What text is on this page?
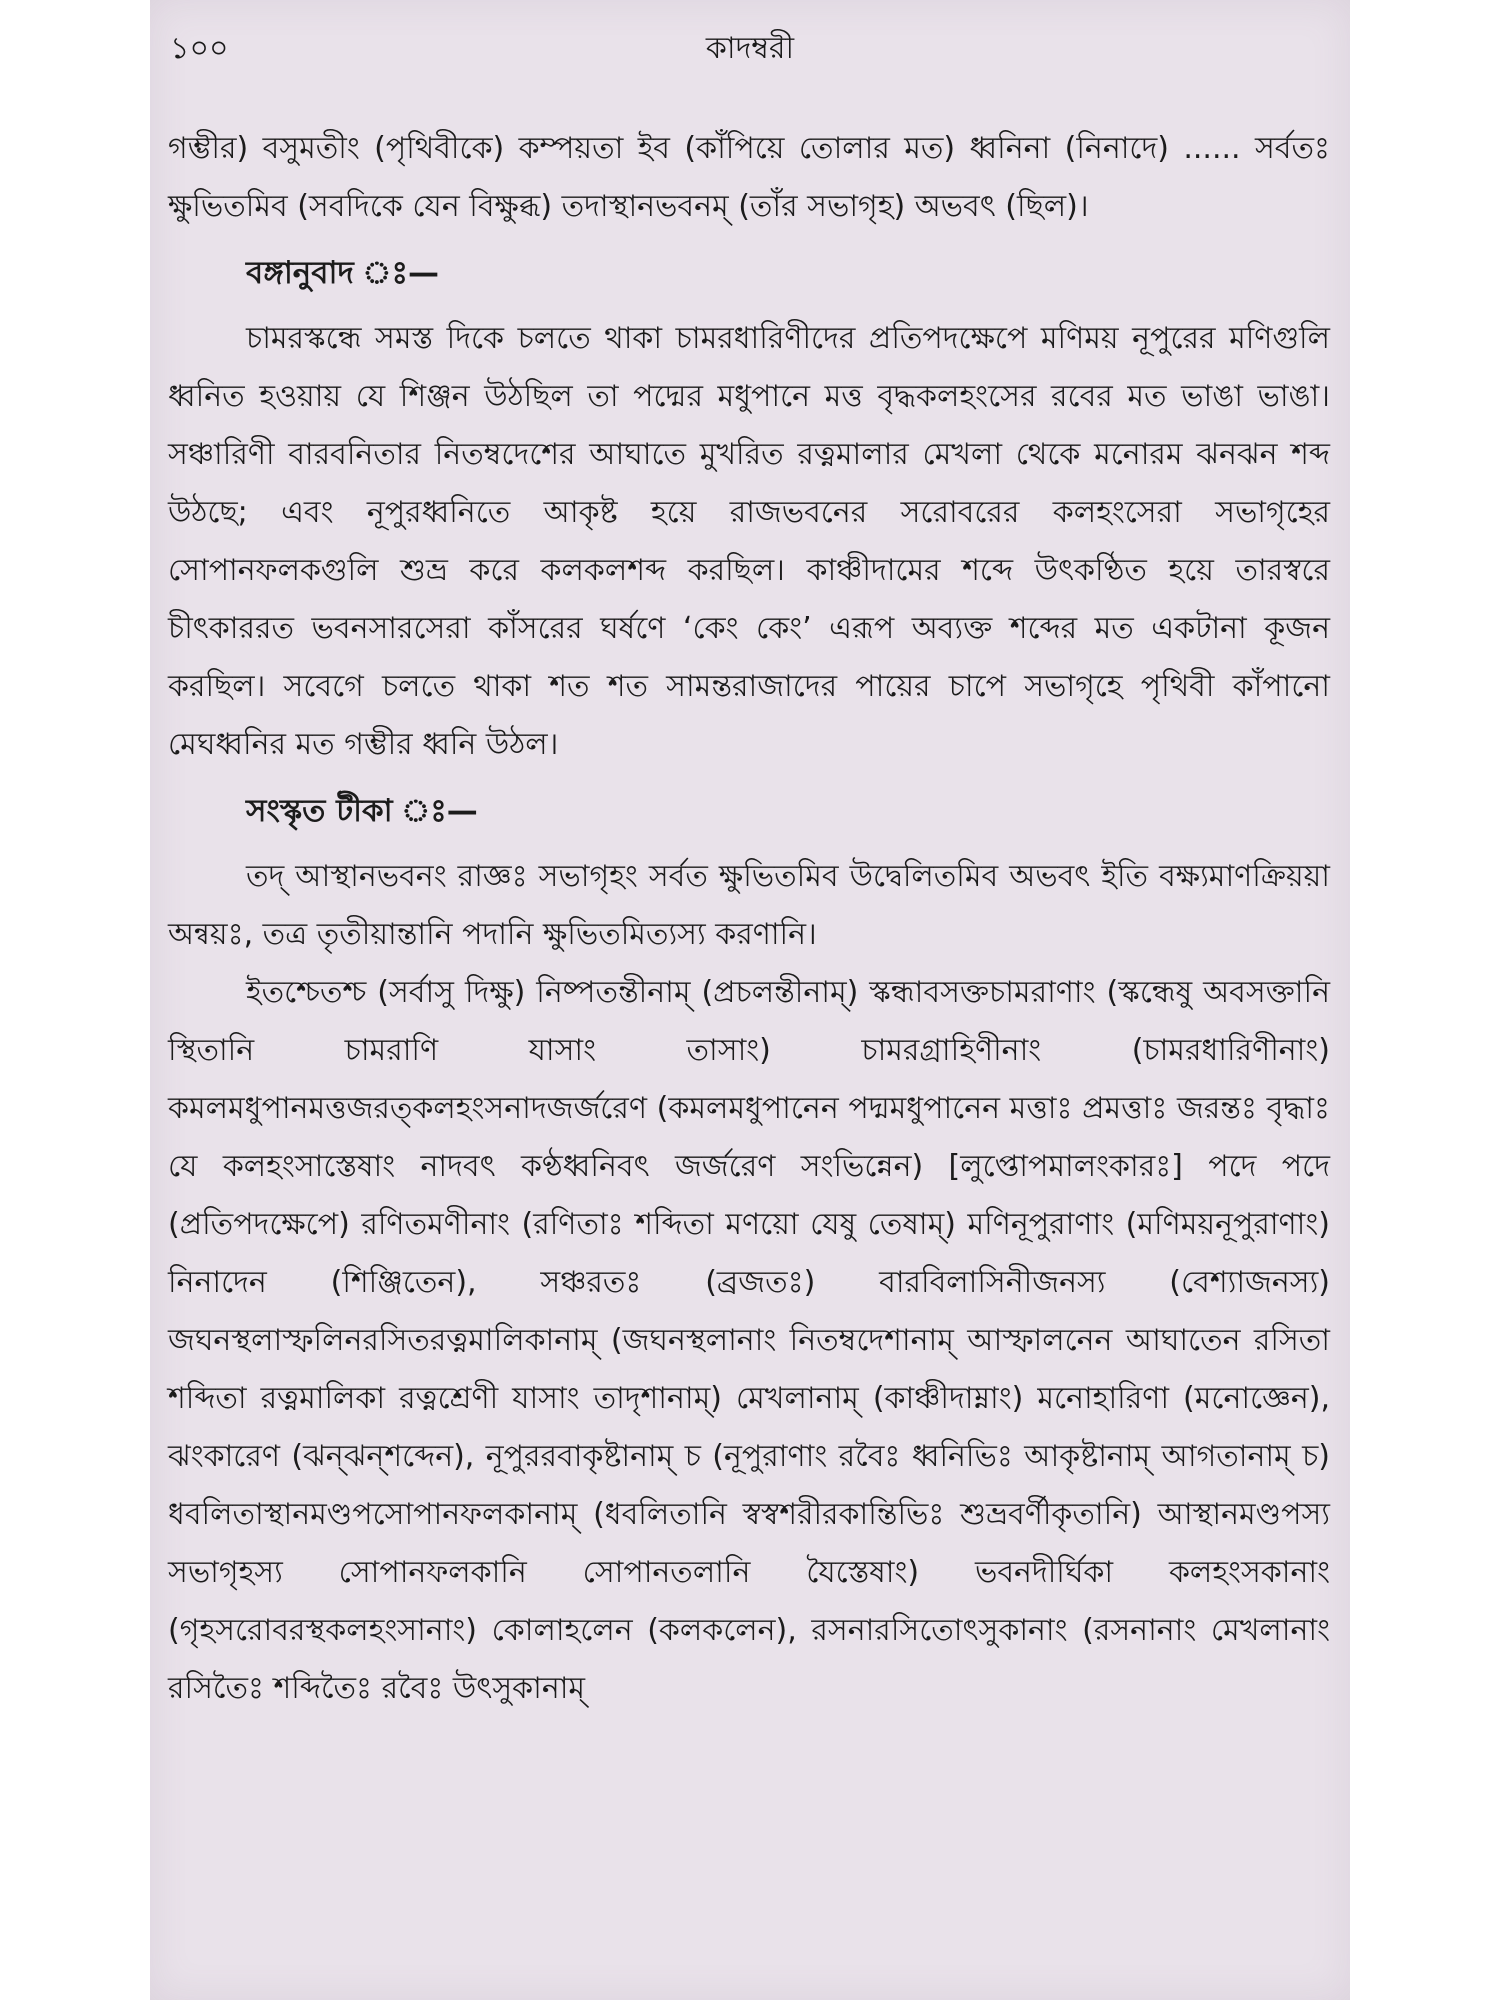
১০০	কাদম্বরী

গম্ভীর) বসুমতীং (পৃথিবীকে) কম্পয়তা ইব (কাঁপিয়ে তোলার মত) ধ্বনিনা (নিনাদে) ...... সর্বতঃ ক্ষুভিতমিব (সবদিকে যেন বিক্ষুব্ধ) তদাস্থানভবনম্ (তাঁর সভাগৃহ) অভবৎ (ছিল)।

বঙ্গানুবাদ ঃ—

চামরস্কন্ধে সমস্ত দিকে চলতে থাকা চামরধারিণীদের প্রতিপদক্ষেপে মণিময় নূপুরের মণিগুলি ধ্বনিত হওয়ায় যে শিঞ্জন উঠছিল তা পদ্মের মধুপানে মত্ত বৃদ্ধকলহংসের রবের মত ভাঙা ভাঙা। সঞ্চারিণী বারবনিতার নিতম্বদেশের আঘাতে মুখরিত রত্নমালার মেখলা থেকে মনোরম ঝনঝন শব্দ উঠছে; এবং নূপুরধ্বনিতে আকৃষ্ট হয়ে রাজভবনের সরোবরের কলহংসেরা সভাগৃহের সোপানফলকগুলি শুভ্র করে কলকলশব্দ করছিল। কাঞ্চীদামের শব্দে উৎকণ্ঠিত হয়ে তারস্বরে চীৎকাররত ভবনসারসেরা কাঁসরের ঘর্ষণে ‘কেং কেং’ এরূপ অব্যক্ত শব্দের মত একটানা কূজন করছিল। সবেগে চলতে থাকা শত শত সামন্তরাজাদের পায়ের চাপে সভাগৃহে পৃথিবী কাঁপানো মেঘধ্বনির মত গম্ভীর ধ্বনি উঠল।

সংস্কৃত টীকা ঃ—

তদ্ আস্থানভবনং রাজ্ঞঃ সভাগৃহং সর্বত ক্ষুভিতমিব উদ্বেলিতমিব অভবৎ ইতি বক্ষ্যমাণক্রিয়য়া অন্বয়ঃ, তত্র তৃতীয়ান্তানি পদানি ক্ষুভিতমিত্যস্য করণানি।

ইতশ্চেতশ্চ (সর্বাসু দিক্ষু) নিষ্পতন্তীনাম্ (প্রচলন্তীনাম্) স্কন্ধাবসক্তচামরাণাং (স্কন্ধেষু অবসক্তানি স্থিতানি চামরাণি যাসাং তাসাং) চামরগ্রাহিণীনাং (চামরধারিণীনাং) কমলমধুপানমত্তজরত্কলহংসনাদজর্জরেণ (কমলমধুপানেন পদ্মমধুপানেন মত্তাঃ প্রমত্তাঃ জরন্তঃ বৃদ্ধাঃ যে কলহংসাস্তেষাং নাদবৎ কণ্ঠধ্বনিবৎ জর্জরেণ সংভিন্নেন) [লুপ্তোপমালংকারঃ] পদে পদে (প্রতিপদক্ষেপে) রণিতমণীনাং (রণিতাঃ শব্দিতা মণয়ো যেষু তেষাম্) মণিনূপুরাণাং (মণিময়নূপুরাণাং) নিনাদেন (শিঞ্জিতেন), সঞ্চরতঃ (ব্রজতঃ) বারবিলাসিনীজনস্য (বেশ্যাজনস্য) জঘনস্থলাস্ফলিনরসিতরত্নমালিকানাম্ (জঘনস্থলানাং নিতম্বদেশানাম্ আস্ফালনেন আঘাতেন রসিতা শব্দিতা রত্নমালিকা রত্নশ্রেণী যাসাং তাদৃশানাম্) মেখলানাম্ (কাঞ্চীদাম্নাং) মনোহারিণা (মনোজ্ঞেন), ঝংকারেণ (ঝন্‌ঝন্‌শব্দেন), নূপুররবাকৃষ্টানাম্ চ (নূপুরাণাং রবৈঃ ধ্বনিভিঃ আকৃষ্টানাম্ আগতানাম্ চ) ধবলিতাস্থানমণ্ডপসোপানফলকানাম্ (ধবলিতানি স্বস্বশরীরকান্তিভিঃ শুভ্রবর্ণীকৃতানি) আস্থানমণ্ডপস্য সভাগৃহস্য সোপানফলকানি সোপানতলানি যৈস্তেষাং) ভবনদীর্ঘিকা কলহংসকানাং (গৃহসরোবরস্থকলহংসানাং) কোলাহলেন (কলকলেন), রসনারসিতোৎসুকানাং (রসনানাং মেখলানাং রসিতৈঃ শব্দিতৈঃ রবৈঃ উৎসুকানাম্
